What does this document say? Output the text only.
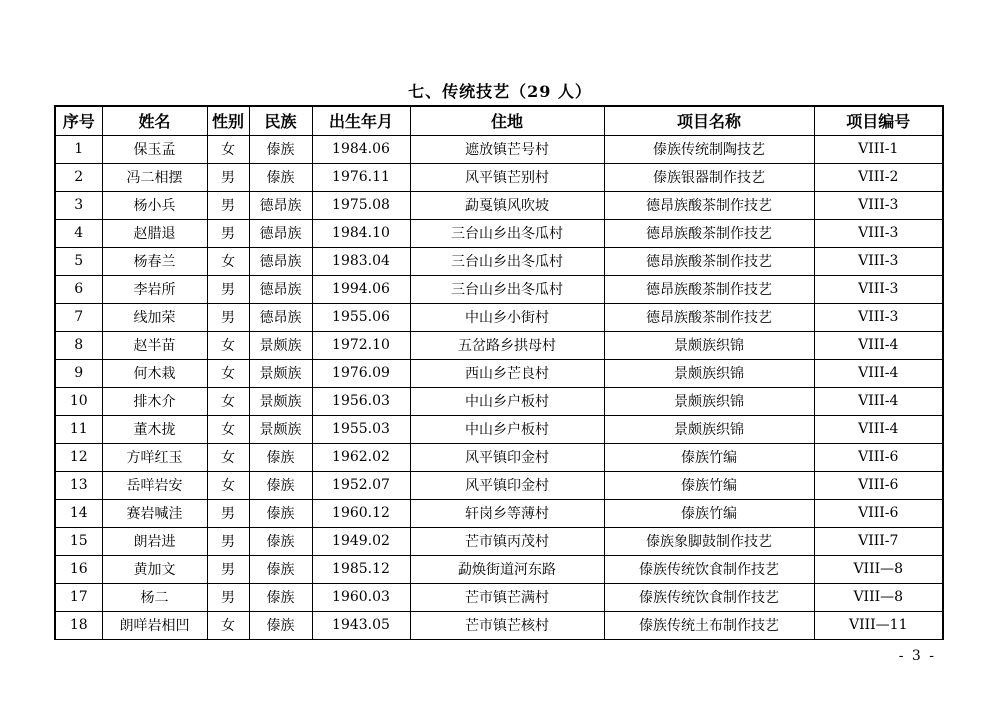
七、传统技艺（29 人）
序号	姓名	性别	民族	出生年月	住地	项目名称	项目编号
1	保玉孟	女	傣族	1984.06	遮放镇芒号村	傣族传统制陶技艺	VIII-1
2	冯二相摆	男	傣族	1976.11	风平镇芒别村	傣族银器制作技艺	VIII-2
3	杨小兵	男	德昂族	1975.08	勐戛镇风吹坡	德昂族酸茶制作技艺	VIII-3
4	赵腊退	男	德昂族	1984.10	三台山乡出冬瓜村	德昂族酸茶制作技艺	VIII-3
5	杨春兰	女	德昂族	1983.04	三台山乡出冬瓜村	德昂族酸茶制作技艺	VIII-3
6	李岩所	男	德昂族	1994.06	三台山乡出冬瓜村	德昂族酸茶制作技艺	VIII-3
7	线加荣	男	德昂族	1955.06	中山乡小街村	德昂族酸茶制作技艺	VIII-3
8	赵半苗	女	景颇族	1972.10	五岔路乡拱母村	景颇族织锦	VIII-4
9	何木栽	女	景颇族	1976.09	西山乡芒良村	景颇族织锦	VIII-4
10	排木介	女	景颇族	1956.03	中山乡户板村	景颇族织锦	VIII-4
11	董木拢	女	景颇族	1955.03	中山乡户板村	景颇族织锦	VIII-4
12	方咩红玉	女	傣族	1962.02	风平镇印金村	傣族竹编	VIII-6
13	岳咩岩安	女	傣族	1952.07	风平镇印金村	傣族竹编	VIII-6
14	赛岩喊洼	男	傣族	1960.12	轩岗乡等薄村	傣族竹编	VIII-6
15	朗岩进	男	傣族	1949.02	芒市镇丙茂村	傣族象脚鼓制作技艺	VIII-7
16	黄加文	男	傣族	1985.12	勐焕街道河东路	傣族传统饮食制作技艺	VIII—8
17	杨二	男	傣族	1960.03	芒市镇芒满村	傣族传统饮食制作技艺	VIII—8
18	朗咩岩相凹	女	傣族	1943.05	芒市镇芒核村	傣族传统土布制作技艺	VIII—11
- 3 -
